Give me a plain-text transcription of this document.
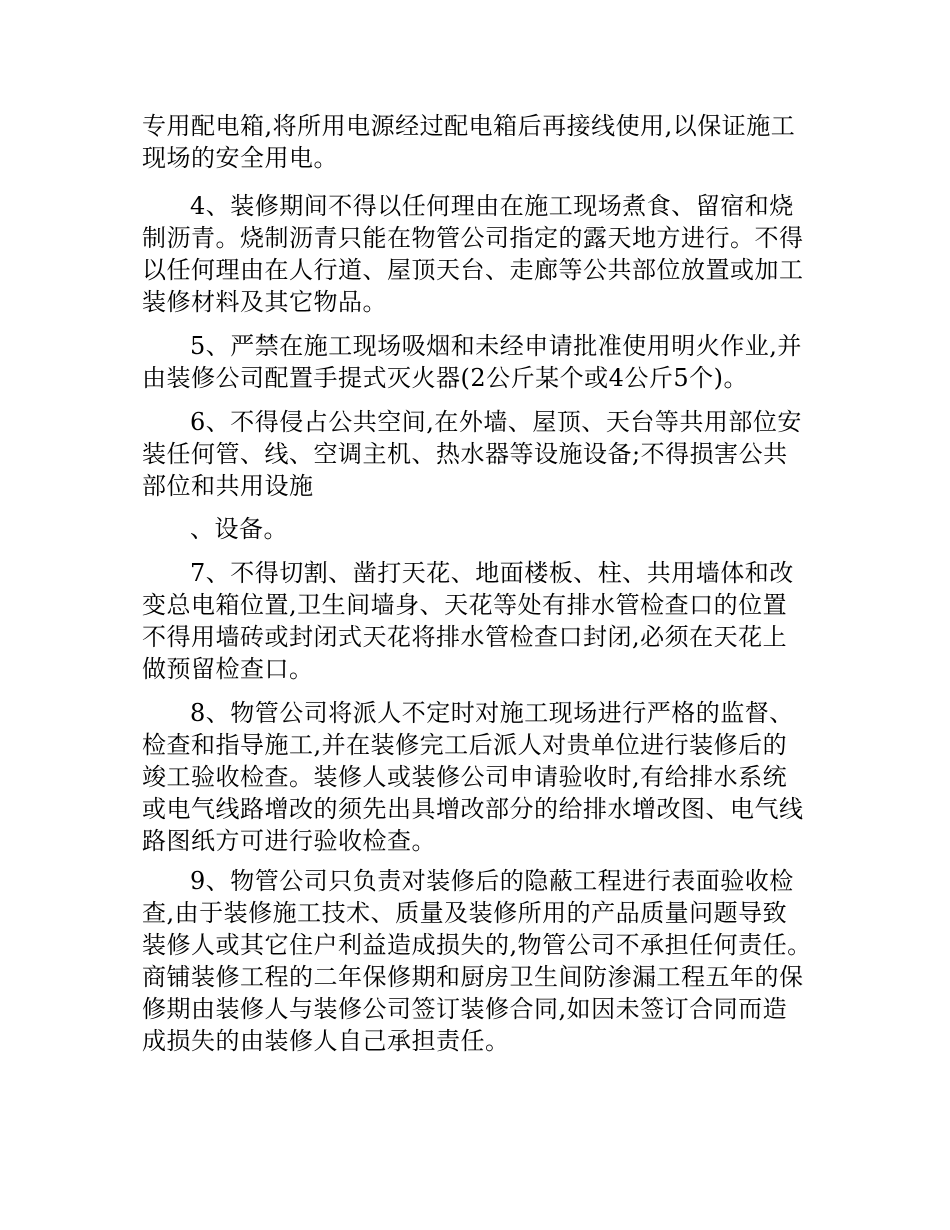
专用配电箱,将所用电源经过配电箱后再接线使用,以保证施工
现场的安全用电。

4、装修期间不得以任何理由在施工现场煮食、留宿和烧
制沥青。烧制沥青只能在物管公司指定的露天地方进行。不得
以任何理由在人行道、屋顶天台、走廊等公共部位放置或加工
装修材料及其它物品。

5、严禁在施工现场吸烟和未经申请批准使用明火作业,并
由装修公司配置手提式灭火器(2公斤某个或4公斤5个)。

6、不得侵占公共空间,在外墙、屋顶、天台等共用部位安
装任何管、线、空调主机、热水器等设施设备;不得损害公共
部位和共用设施

、设备。

7、不得切割、凿打天花、地面楼板、柱、共用墙体和改
变总电箱位置,卫生间墙身、天花等处有排水管检查口的位置
不得用墙砖或封闭式天花将排水管检查口封闭,必须在天花上
做预留检查口。

8、物管公司将派人不定时对施工现场进行严格的监督、
检查和指导施工,并在装修完工后派人对贵单位进行装修后的
竣工验收检查。装修人或装修公司申请验收时,有给排水系统
或电气线路增改的须先出具增改部分的给排水增改图、电气线
路图纸方可进行验收检查。

9、物管公司只负责对装修后的隐蔽工程进行表面验收检
查,由于装修施工技术、质量及装修所用的产品质量问题导致
装修人或其它住户利益造成损失的,物管公司不承担任何责任。
商铺装修工程的二年保修期和厨房卫生间防渗漏工程五年的保
修期由装修人与装修公司签订装修合同,如因未签订合同而造
成损失的由装修人自己承担责任。
